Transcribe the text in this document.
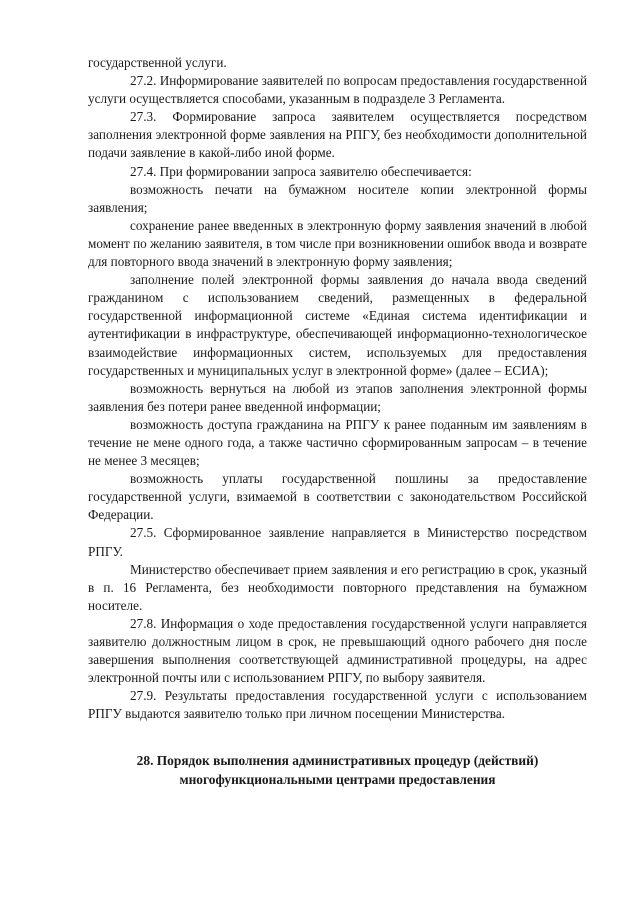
государственной услуги.

27.2. Информирование заявителей по вопросам предоставления государственной услуги осуществляется способами, указанным в подразделе 3 Регламента.

27.3. Формирование запроса заявителем осуществляется посредством заполнения электронной форме заявления на РПГУ, без необходимости дополнительной подачи заявление в какой-либо иной форме.

27.4. При формировании запроса заявителю обеспечивается:

возможность печати на бумажном носителе копии электронной формы заявления;

сохранение ранее введенных в электронную форму заявления значений в любой момент по желанию заявителя, в том числе при возникновении ошибок ввода и возврате для повторного ввода значений в электронную форму заявления;

заполнение полей электронной формы заявления до начала ввода сведений гражданином с использованием сведений, размещенных в федеральной государственной информационной системе «Единая система идентификации и аутентификации в инфраструктуре, обеспечивающей информационно-технологическое взаимодействие информационных систем, используемых для предоставления государственных и муниципальных услуг в электронной форме» (далее – ЕСИА);

возможность вернуться на любой из этапов заполнения электронной формы заявления без потери ранее введенной информации;

возможность доступа гражданина на РПГУ к ранее поданным им заявлениям в течение не мене одного года, а также частично сформированным запросам – в течение не менее 3 месяцев;

возможность уплаты государственной пошлины за предоставление государственной услуги, взимаемой в соответствии с законодательством Российской Федерации.

27.5. Сформированное заявление направляется в Министерство посредством РПГУ.

Министерство обеспечивает прием заявления и его регистрацию в срок, указный в п. 16 Регламента, без необходимости повторного представления на бумажном носителе.

27.8. Информация о ходе предоставления государственной услуги направляется заявителю должностным лицом в срок, не превышающий одного рабочего дня после завершения выполнения соответствующей административной процедуры, на адрес электронной почты или с использованием РПГУ, по выбору заявителя.

27.9. Результаты предоставления государственной услуги с использованием РПГУ выдаются заявителю только при личном посещении Министерства.

28. Порядок выполнения административных процедур (действий)
многофункциональными центрами предоставления
